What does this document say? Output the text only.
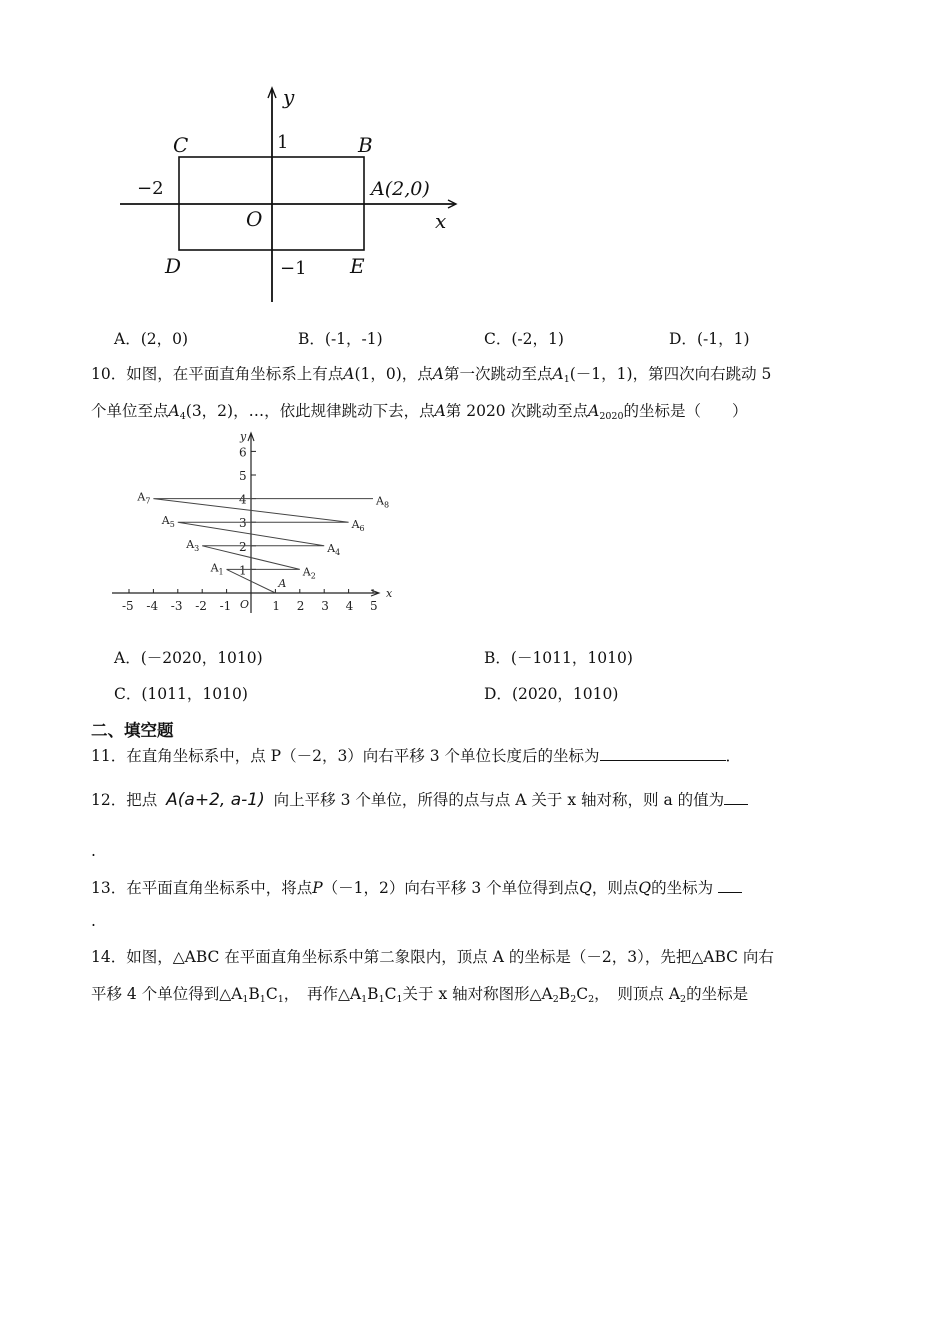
y
x
O
C	B
D	E
A(2,0)
1
−1
−2
A．(2，0)	B．(-1，-1)	C．(-2，1)	D．(-1，1)
10．如图，在平面直角坐标系上有点A(1，0)，点A第一次跳动至点$A_1(-1$，1)，第四次向右跳动 5
个单位至点$A_4(3$，2)，…，依此规律跳动下去，点A第 2020 次跳动至点$A_{2020}$的坐标是（　　）
x
y
-5 -4 -3 -2 -1	1 2 3 4 5
O
1
2
3
4
5
6
A
$A_1$	$A_2$
$A_3$	$A_4$
$A_5$	$A_6$
$A_7$	$A_8$
A．(－2020，1010)	B．(－1011，1010)
C．(1011，1010)	D．(2020，1010)
二、填空题
11．在直角坐标系中，点 P（－2，3）向右平移 3 个单位长度后的坐标为	．
12．把点 A(a+2, a-1) 向上平移 3 个单位，所得的点与点 A 关于 x 轴对称，则 a 的值为
.
13．在平面直角坐标系中，将点P（－1，2）向右平移 3 个单位得到点Q，则点Q的坐标为
.
14．如图，△ABC 在平面直角坐标系中第二象限内，顶点 A 的坐标是（－2，3），先把△ABC 向右
平移 4 个单位得到$\triangle A_1B_1C_1$，　再作$\triangle A_1B_1C_1$关于 x 轴对称图形$\triangle A_2B_2C_2$，　则顶点 $A_2$的坐标是
